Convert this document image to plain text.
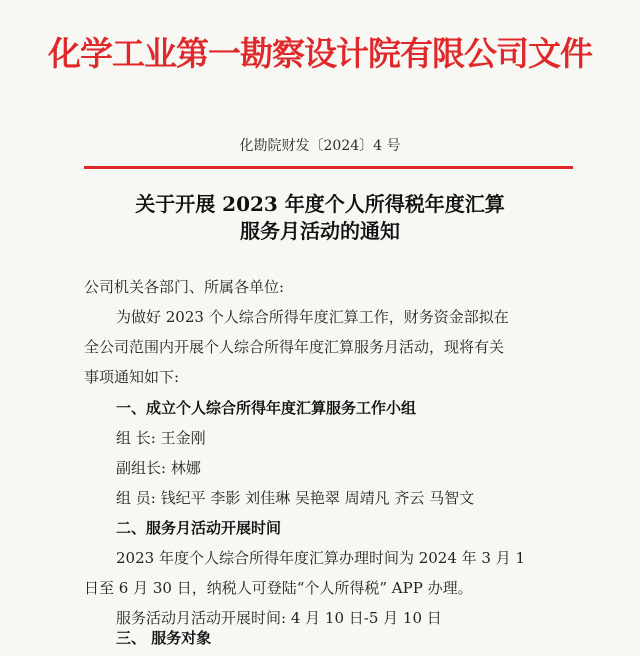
化学工业第一勘察设计院有限公司文件
化勘院财发〔2024〕4 号
关于开展 2023 年度个人所得税年度汇算
服务月活动的通知
公司机关各部门、所属各单位:
为做好 2023 个人综合所得年度汇算工作，财务资金部拟在
全公司范围内开展个人综合所得年度汇算服务月活动，现将有关
事项通知如下:
一、成立个人综合所得年度汇算服务工作小组
组 长: 王金刚
副组长: 林娜
组 员: 钱纪平 李影 刘佳琳 吴艳翠 周靖凡 齐云 马智文
二、服务月活动开展时间
2023 年度个人综合所得年度汇算办理时间为 2024 年 3 月 1
日至 6 月 30 日，纳税人可登陆“个人所得税” APP 办理。
服务活动月活动开展时间: 4 月 10 日-5 月 10 日
三、 服务对象
